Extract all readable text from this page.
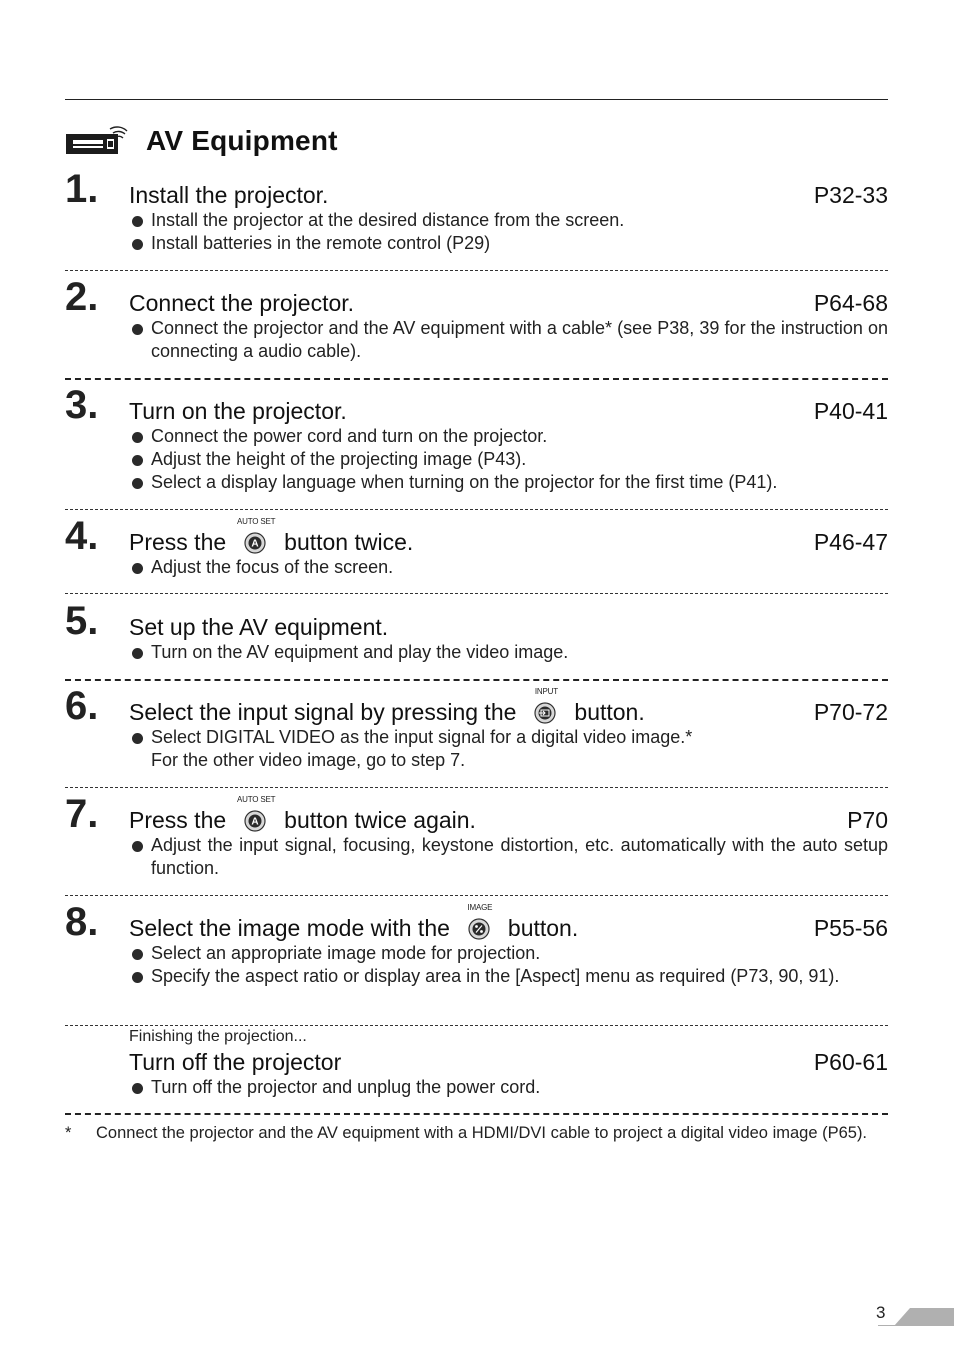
AV Equipment
1. Install the projector.	P32-33
Install the projector at the desired distance from the screen.
Install batteries in the remote control (P29)
2. Connect the projector.	P64-68
Connect the projector and the AV equipment with a cable* (see P38, 39 for the instruction on connecting a audio cable).
3. Turn on the projector.	P40-41
Connect the power cord and turn on the projector.
Adjust the height of the projecting image (P43).
Select a display language when turning on the projector for the first time (P41).
4. Press the
AUTO SET
A button twice.	P46-47
Adjust the focus of the screen.
5. Set up the AV equipment.
Turn on the AV equipment and play the video image.
6. Select the input signal by pressing the
INPUT
button.	P70-72
Select DIGITAL VIDEO as the input signal for a digital video image.*
For the other video image, go to step 7.
7. Press the
AUTO SET
A button twice again.	P70
Adjust the input signal, focusing, keystone distortion, etc. automatically with the auto setup function.
8. Select the image mode with the
IMAGE
button.	P55-56
Select an appropriate image mode for projection.
Specify the aspect ratio or display area in the [Aspect] menu as required (P73, 90, 91).
Finishing the projection...
Turn off the projector	P60-61
Turn off the projector and unplug the power cord.
* Connect the projector and the AV equipment with a HDMI/DVI cable to project a digital video image (P65).
3
